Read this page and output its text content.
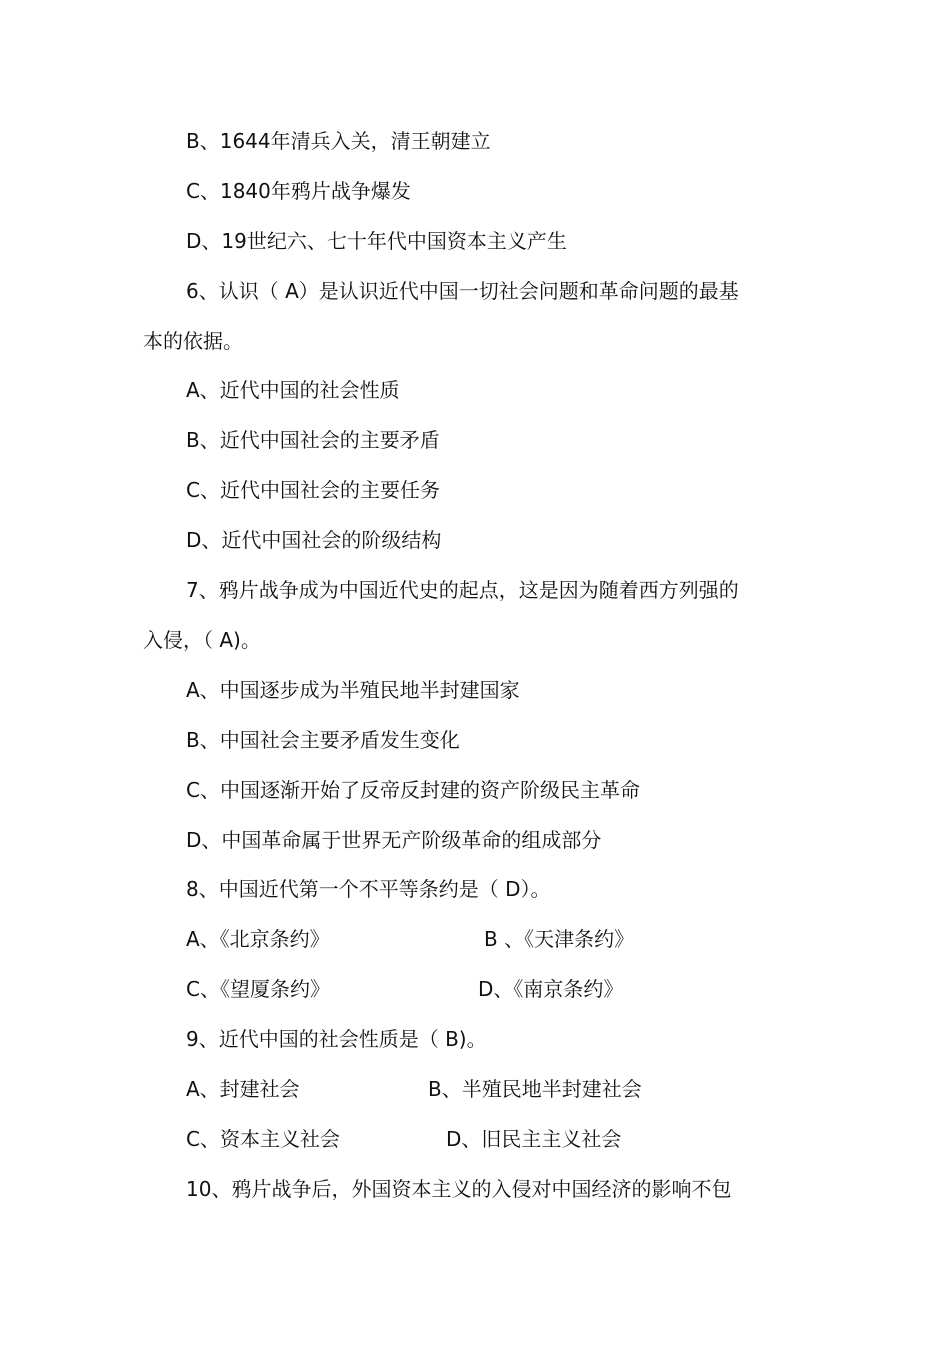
B、1644年清兵入关，清王朝建立
C、1840年鸦片战争爆发
D、19世纪六、七十年代中国资本主义产生
6、认识（ A）是认识近代中国一切社会问题和革命问题的最基
本的依据。
A、近代中国的社会性质
B、近代中国社会的主要矛盾
C、近代中国社会的主要任务
D、近代中国社会的阶级结构
7、鸦片战争成为中国近代史的起点，这是因为随着西方列强的
入侵，（ A)。
A、中国逐步成为半殖民地半封建国家
B、中国社会主要矛盾发生变化
C、中国逐渐开始了反帝反封建的资产阶级民主革命
D、中国革命属于世界无产阶级革命的组成部分
8、中国近代第一个不平等条约是（ D）。
A、《北京条约》	B 、《天津条约》
C、《望厦条约》	D、《南京条约》
9、近代中国的社会性质是（ B)。
A、封建社会	B、半殖民地半封建社会
C、资本主义社会	D、旧民主主义社会
10、鸦片战争后，外国资本主义的入侵对中国经济的影响不包
